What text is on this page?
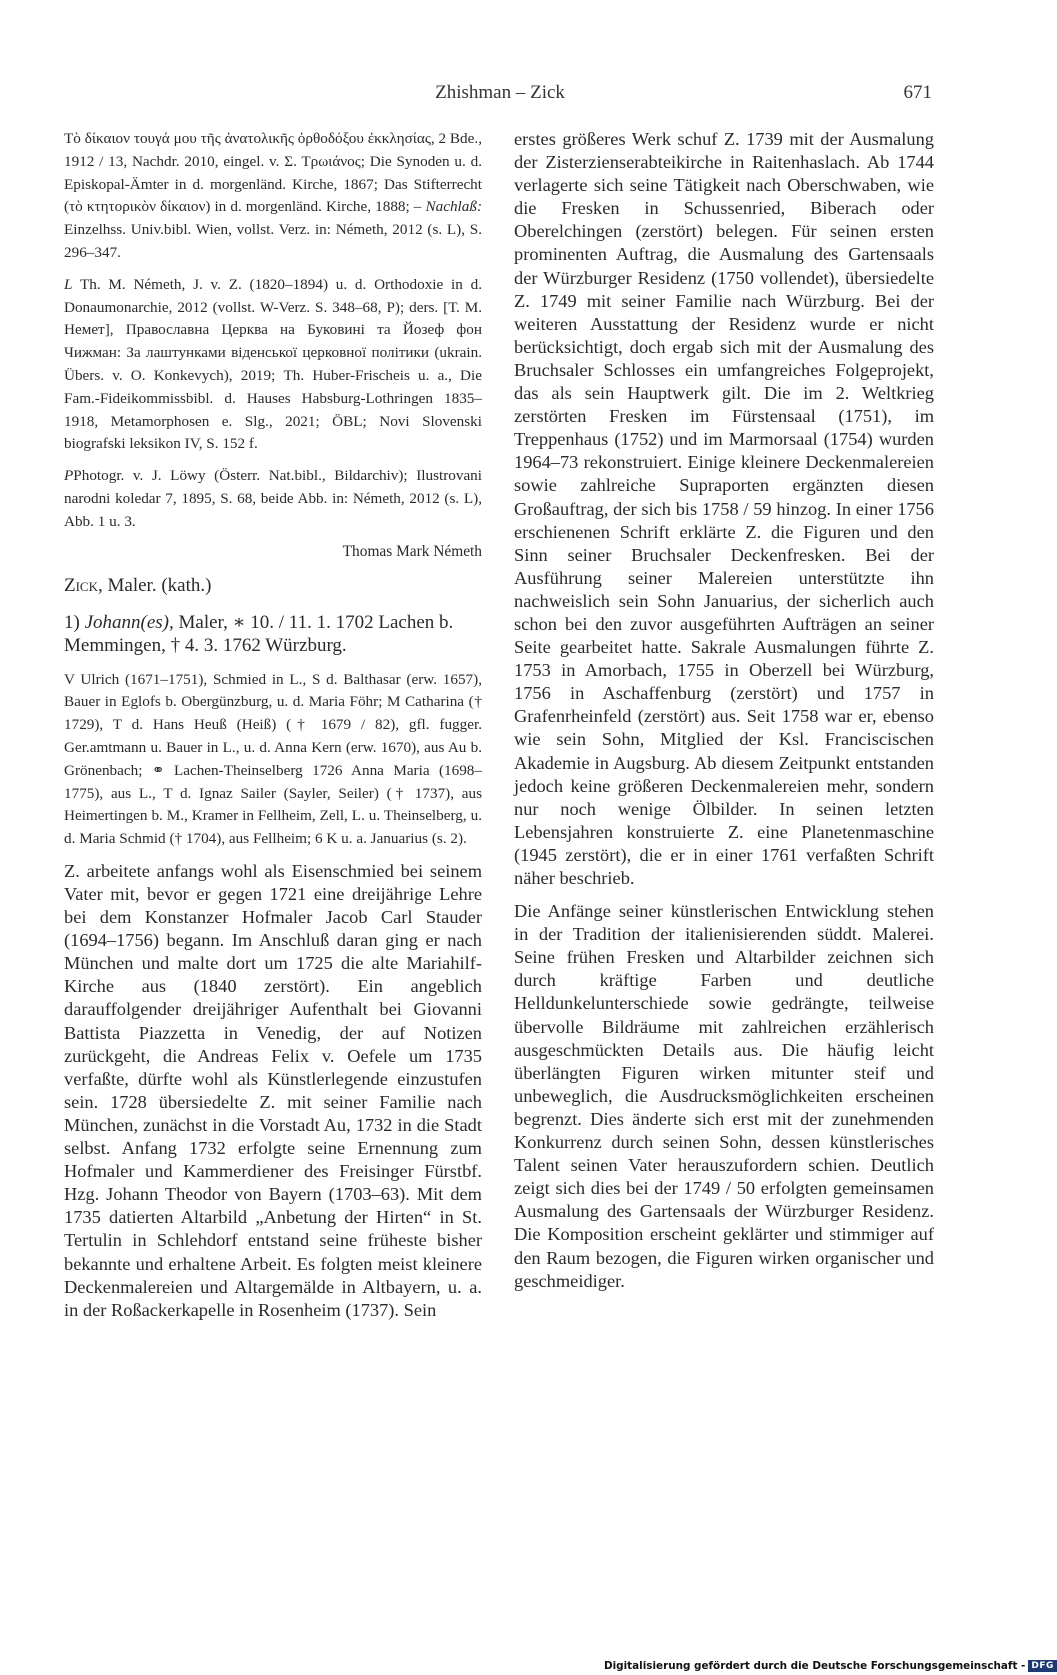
Zhishman – Zick	671

Τὸ δίκαιον τουγά μου τῆς ἀνατολικῆς ὀρθοδόξου ἐκκλησίας, 2 Bde., 1912 / 13, Nachdr. 2010, eingel. v. Σ. Τρωιάνος; Die Synoden u. d. Episkopal-Ämter in d. morgenländ. Kirche, 1867; Das Stifterrecht (τὸ κτητορικὸν δίκαιον) in d. morgenländ. Kirche, 1888; – Nachlaß: Einzelhss. Univ.bibl. Wien, vollst. Verz. in: Németh, 2012 (s. L), S. 296–347.

L Th. M. Németh, J. v. Z. (1820–1894) u. d. Orthodoxie in d. Donaumonarchie, 2012 (vollst. W-Verz. S. 348–68, P); ders. [Т. М. Немет], Православна Церква на Буковині та Йозеф фон Чижман: За лаштунками віденської церковної політики (ukrain. Übers. v. O. Konkevych), 2019; Th. Huber-Frischeis u. a., Die Fam.-Fideikommissbibl. d. Hauses Habsburg-Lothringen 1835–1918, Metamorphosen e. Slg., 2021; ÖBL; Novi Slovenski biografski leksikon IV, S. 152 f.

PPhotogr. v. J. Löwy (Österr. Nat.bibl., Bildarchiv); Ilustrovani narodni koledar 7, 1895, S. 68, beide Abb. in: Németh, 2012 (s. L), Abb. 1 u. 3.

Thomas Mark Németh

Zick, Maler. (kath.)
1) Johann(es), Maler, ∗ 10. / 11. 1. 1702 Lachen b. Memmingen, † 4. 3. 1762 Würzburg.

V Ulrich (1671–1751), Schmied in L., S d. Balthasar (erw. 1657), Bauer in Eglofs b. Obergünzburg, u. d. Maria Föhr; M Catharina († 1729), T d. Hans Heuß (Heiß) († 1679 / 82), gfl. fugger. Ger.amtmann u. Bauer in L., u. d. Anna Kern (erw. 1670), aus Au b. Grönenbach; ⚭ Lachen-Theinselberg 1726 Anna Maria (1698–1775), aus L., T d. Ignaz Sailer (Sayler, Seiler) († 1737), aus Heimertingen b. M., Kramer in Fellheim, Zell, L. u. Theinselberg, u. d. Maria Schmid († 1704), aus Fellheim; 6 K u. a. Januarius (s. 2).

Z. arbeitete anfangs wohl als Eisenschmied bei seinem Vater mit, bevor er gegen 1721 eine dreijährige Lehre bei dem Konstanzer Hofmaler Jacob Carl Stauder (1694–1756) begann. Im Anschluß daran ging er nach München und malte dort um 1725 die alte Mariahilf-Kirche aus (1840 zerstört). Ein angeblich darauffolgender dreijähriger Aufenthalt bei Giovanni Battista Piazzetta in Venedig, der auf Notizen zurückgeht, die Andreas Felix v. Oefele um 1735 verfaßte, dürfte wohl als Künstlerlegende einzustufen sein. 1728 übersiedelte Z. mit seiner Familie nach München, zunächst in die Vorstadt Au, 1732 in die Stadt selbst. Anfang 1732 erfolgte seine Ernennung zum Hofmaler und Kammerdiener des Freisinger Fürstbf. Hzg. Johann Theodor von Bayern (1703–63). Mit dem 1735 datierten Altarbild „Anbetung der Hirten“ in St. Tertulin in Schlehdorf entstand seine früheste bisher bekannte und erhaltene Arbeit. Es folgten meist kleinere Deckenmalereien und Altargemälde in Altbayern, u. a. in der Roßackerkapelle in Rosenheim (1737). Sein

erstes größeres Werk schuf Z. 1739 mit der Ausmalung der Zisterzienserabteikirche in Raitenhaslach. Ab 1744 verlagerte sich seine Tätigkeit nach Oberschwaben, wie die Fresken in Schussenried, Biberach oder Oberelchingen (zerstört) belegen. Für seinen ersten prominenten Auftrag, die Ausmalung des Gartensaals der Würzburger Residenz (1750 vollendet), übersiedelte Z. 1749 mit seiner Familie nach Würzburg. Bei der weiteren Ausstattung der Residenz wurde er nicht berücksichtigt, doch ergab sich mit der Ausmalung des Bruchsaler Schlosses ein umfangreiches Folgeprojekt, das als sein Hauptwerk gilt. Die im 2. Weltkrieg zerstörten Fresken im Fürstensaal (1751), im Treppenhaus (1752) und im Marmorsaal (1754) wurden 1964–73 rekonstruiert. Einige kleinere Deckenmalereien sowie zahlreiche Supraporten ergänzten diesen Großauftrag, der sich bis 1758 / 59 hinzog. In einer 1756 erschienenen Schrift erklärte Z. die Figuren und den Sinn seiner Bruchsaler Deckenfresken. Bei der Ausführung seiner Malereien unterstützte ihn nachweislich sein Sohn Januarius, der sicherlich auch schon bei den zuvor ausgeführten Aufträgen an seiner Seite gearbeitet hatte. Sakrale Ausmalungen führte Z. 1753 in Amorbach, 1755 in Oberzell bei Würzburg, 1756 in Aschaffenburg (zerstört) und 1757 in Grafenrheinfeld (zerstört) aus. Seit 1758 war er, ebenso wie sein Sohn, Mitglied der Ksl. Franciscischen Akademie in Augsburg. Ab diesem Zeitpunkt entstanden jedoch keine größeren Deckenmalereien mehr, sondern nur noch wenige Ölbilder. In seinen letzten Lebensjahren konstruierte Z. eine Planetenmaschine (1945 zerstört), die er in einer 1761 verfaßten Schrift näher beschrieb.

Die Anfänge seiner künstlerischen Entwicklung stehen in der Tradition der italienisierenden süddt. Malerei. Seine frühen Fresken und Altarbilder zeichnen sich durch kräftige Farben und deutliche Helldunkelunterschiede sowie gedrängte, teilweise übervolle Bildräume mit zahlreichen erzählerisch ausgeschmückten Details aus. Die häufig leicht überlängten Figuren wirken mitunter steif und unbeweglich, die Ausdrucksmöglichkeiten erscheinen begrenzt. Dies änderte sich erst mit der zunehmenden Konkurrenz durch seinen Sohn, dessen künstlerisches Talent seinen Vater herauszufordern schien. Deutlich zeigt sich dies bei der 1749 / 50 erfolgten gemeinsamen Ausmalung des Gartensaals der Würzburger Residenz. Die Komposition erscheint geklärter und stimmiger auf den Raum bezogen, die Figuren wirken organischer und geschmeidiger.

Digitalisierung gefördert durch die Deutsche Forschungsgemeinschaft - DFG
